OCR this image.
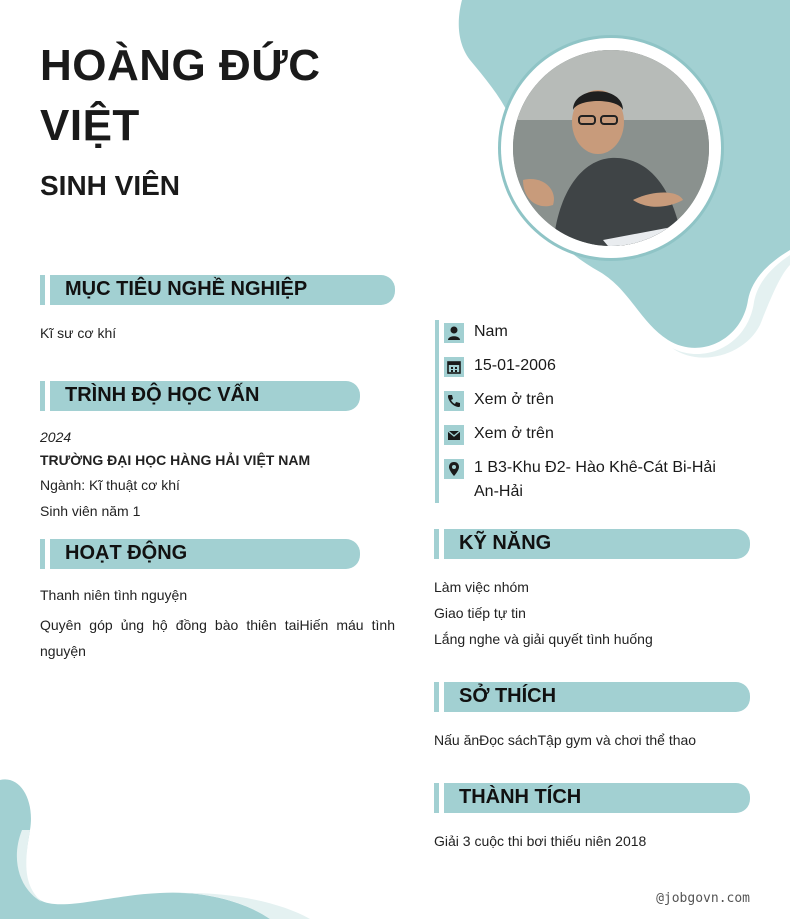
HOÀNG ĐỨC
VIỆT
SINH VIÊN
MỤC TIÊU NGHỀ NGHIỆP
Kĩ sư cơ khí
TRÌNH ĐỘ HỌC VẤN
2024
TRƯỜNG ĐẠI HỌC HÀNG HẢI VIỆT NAM
Ngành: Kĩ thuật cơ khí
Sinh viên năm 1
HOẠT ĐỘNG
Thanh niên tình nguyện
Quyên góp ủng hộ đồng bào thiên taiHiến máu tình nguyện
Nam
15-01-2006
Xem ở trên
Xem ở trên
1 B3-Khu Đ2- Hào Khê-Cát Bi-Hải An-Hải
KỸ NĂNG
Làm việc nhóm
Giao tiếp tự tin
Lắng nghe và giải quyết tình huống
SỞ THÍCH
Nấu ănĐọc sáchTập gym và chơi thể thao
THÀNH TÍCH
Giải 3 cuộc thi bơi thiếu niên 2018
@jobgovn.com
